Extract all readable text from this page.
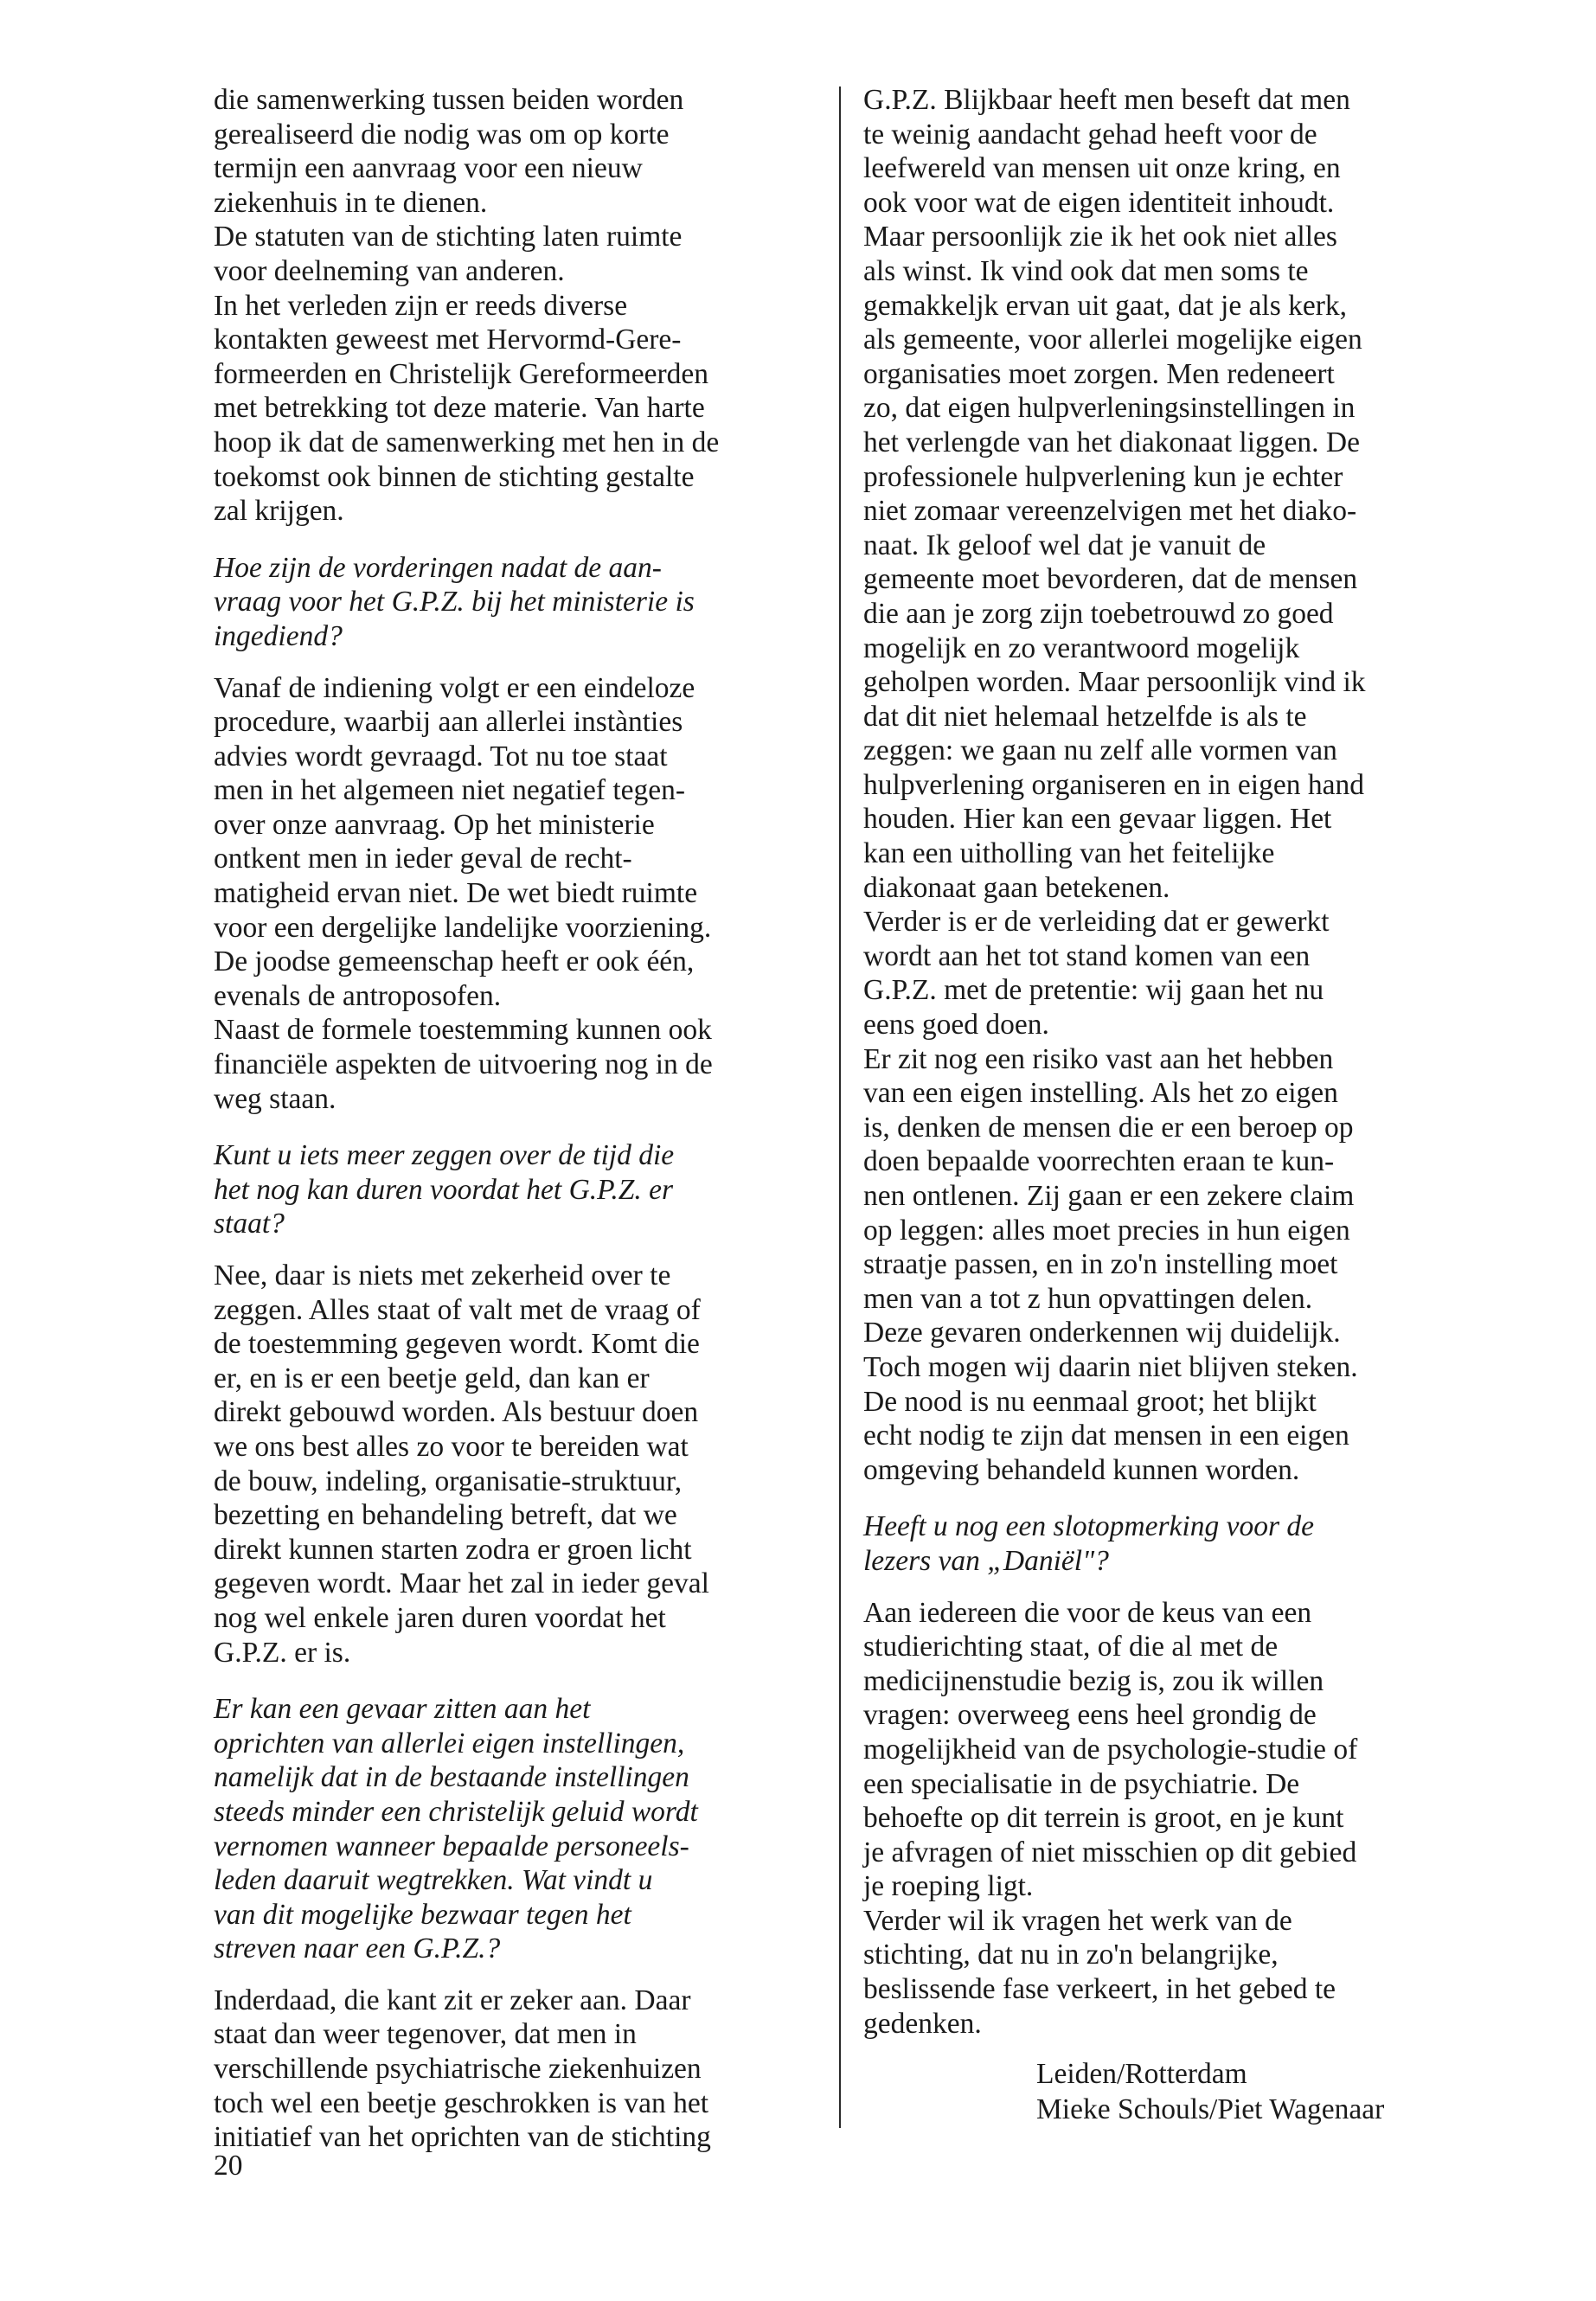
die samenwerking tussen beiden worden
gerealiseerd die nodig was om op korte
termijn een aanvraag voor een nieuw
ziekenhuis in te dienen.
De statuten van de stichting laten ruimte
voor deelneming van anderen.
In het verleden zijn er reeds diverse
kontakten geweest met Hervormd-Gere-
formeerden en Christelijk Gereformeerden
met betrekking tot deze materie. Van harte
hoop ik dat de samenwerking met hen in de
toekomst ook binnen de stichting gestalte
zal krijgen.

Hoe zijn de vorderingen nadat de aan-
vraag voor het G.P.Z. bij het ministerie is
ingediend?

Vanaf de indiening volgt er een eindeloze
procedure, waarbij aan allerlei instànties
advies wordt gevraagd. Tot nu toe staat
men in het algemeen niet negatief tegen-
over onze aanvraag. Op het ministerie
ontkent men in ieder geval de recht-
matigheid ervan niet. De wet biedt ruimte
voor een dergelijke landelijke voorziening.
De joodse gemeenschap heeft er ook één,
evenals de antroposofen.
Naast de formele toestemming kunnen ook
financiële aspekten de uitvoering nog in de
weg staan.

Kunt u iets meer zeggen over de tijd die
het nog kan duren voordat het G.P.Z. er
staat?

Nee, daar is niets met zekerheid over te
zeggen. Alles staat of valt met de vraag of
de toestemming gegeven wordt. Komt die
er, en is er een beetje geld, dan kan er
direkt gebouwd worden. Als bestuur doen
we ons best alles zo voor te bereiden wat
de bouw, indeling, organisatie-struktuur,
bezetting en behandeling betreft, dat we
direkt kunnen starten zodra er groen licht
gegeven wordt. Maar het zal in ieder geval
nog wel enkele jaren duren voordat het
G.P.Z. er is.

Er kan een gevaar zitten aan het
oprichten van allerlei eigen instellingen,
namelijk dat in de bestaande instellingen
steeds minder een christelijk geluid wordt
vernomen wanneer bepaalde personeels-
leden daaruit wegtrekken. Wat vindt u
van dit mogelijke bezwaar tegen het
streven naar een G.P.Z.?

Inderdaad, die kant zit er zeker aan. Daar
staat dan weer tegenover, dat men in
verschillende psychiatrische ziekenhuizen
toch wel een beetje geschrokken is van het
initiatief van het oprichten van de stichting

G.P.Z. Blijkbaar heeft men beseft dat men
te weinig aandacht gehad heeft voor de
leefwereld van mensen uit onze kring, en
ook voor wat de eigen identiteit inhoudt.
Maar persoonlijk zie ik het ook niet alles
als winst. Ik vind ook dat men soms te
gemakkeljk ervan uit gaat, dat je als kerk,
als gemeente, voor allerlei mogelijke eigen
organisaties moet zorgen. Men redeneert
zo, dat eigen hulpverleningsinstellingen in
het verlengde van het diakonaat liggen. De
professionele hulpverlening kun je echter
niet zomaar vereenzelvigen met het diako-
naat. Ik geloof wel dat je vanuit de
gemeente moet bevorderen, dat de mensen
die aan je zorg zijn toebetrouwd zo goed
mogelijk en zo verantwoord mogelijk
geholpen worden. Maar persoonlijk vind ik
dat dit niet helemaal hetzelfde is als te
zeggen: we gaan nu zelf alle vormen van
hulpverlening organiseren en in eigen hand
houden. Hier kan een gevaar liggen. Het
kan een uitholling van het feitelijke
diakonaat gaan betekenen.
Verder is er de verleiding dat er gewerkt
wordt aan het tot stand komen van een
G.P.Z. met de pretentie: wij gaan het nu
eens goed doen.
Er zit nog een risiko vast aan het hebben
van een eigen instelling. Als het zo eigen
is, denken de mensen die er een beroep op
doen bepaalde voorrechten eraan te kun-
nen ontlenen. Zij gaan er een zekere claim
op leggen: alles moet precies in hun eigen
straatje passen, en in zo'n instelling moet
men van a tot z hun opvattingen delen.
Deze gevaren onderkennen wij duidelijk.
Toch mogen wij daarin niet blijven steken.
De nood is nu eenmaal groot; het blijkt
echt nodig te zijn dat mensen in een eigen
omgeving behandeld kunnen worden.

Heeft u nog een slotopmerking voor de
lezers van „Daniël"?

Aan iedereen die voor de keus van een
studierichting staat, of die al met de
medicijnenstudie bezig is, zou ik willen
vragen: overweeg eens heel grondig de
mogelijkheid van de psychologie-studie of
een specialisatie in de psychiatrie. De
behoefte op dit terrein is groot, en je kunt
je afvragen of niet misschien op dit gebied
je roeping ligt.
Verder wil ik vragen het werk van de
stichting, dat nu in zo'n belangrijke,
beslissende fase verkeert, in het gebed te
gedenken.

Leiden/Rotterdam
Mieke Schouls/Piet Wagenaar
20
